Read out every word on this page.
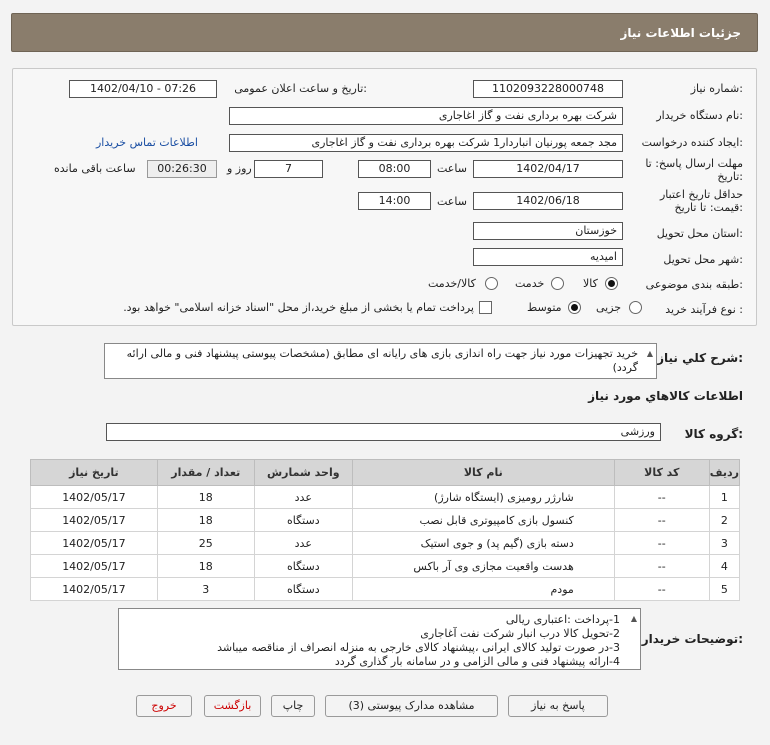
جزئیات اطلاعات نیاز
شماره نیاز:
1102093228000748
تاریخ و ساعت اعلان عمومی:
1402/04/10 - 07:26
نام دستگاه خریدار:
شرکت بهره برداری نفت و گاز اغاجاری
ایجاد کننده درخواست:
مجد جمعه پورنیان انباردار1 شرکت بهره برداری نفت و گاز اغاجاری
اطلاعات تماس خریدار
مهلت ارسال پاسخ: تا
تاریخ:
1402/04/17
ساعت
08:00
7
روز و
00:26:30
ساعت باقی مانده
حداقل تاریخ اعتبار
قیمت: تا تاریخ:
1402/06/18
ساعت
14:00
استان محل تحویل:
خوزستان
شهر محل تحویل:
امیدیه
طبقه بندی موضوعی:
کالا
خدمت
کالا/خدمت
نوع فرآیند خرید :
جزیی
متوسط
پرداخت تمام یا بخشی از مبلغ خرید،از محل "اسناد خزانه اسلامی" خواهد بود.
شرح کلي نياز:
▲
خرید تجهیزات مورد نیاز جهت راه اندازی بازی های رایانه ای مطابق (مشخصات پیوستی پیشنهاد فنی و مالی ارائه گردد)
اطلاعات کالاهاي مورد نياز
گروه کالا:
ورزشی
ردیف	کد کالا	نام کالا	واحد شمارش	تعداد / مقدار	تاریخ نیاز
1	--	شارژر رومیزی (ایستگاه شارژ)	عدد	18	1402/05/17
2	--	کنسول بازی کامپیوتری قابل نصب	دستگاه	18	1402/05/17
3	--	دسته بازی (گیم پد) و جوی استیک	عدد	25	1402/05/17
4	--	هدست واقعیت مجازی وی آر باکس	دستگاه	18	1402/05/17
5	--	مودم	دستگاه	3	1402/05/17
توضیحات خریدار:
▲
1-پرداخت :اعتباری ریالی
2-تحویل کالا درب انبار شرکت نفت آغاجاری
3-در صورت تولید کالای ایرانی ،پیشنهاد کالای خارجی به منزله انصراف از مناقصه میباشد
4-ارائه پیشنهاد فنی و مالی الزامی و در سامانه بار گذاری گردد
پاسخ به نیاز
مشاهده مدارک پیوستی (3)
چاپ
بازگشت
خروج
